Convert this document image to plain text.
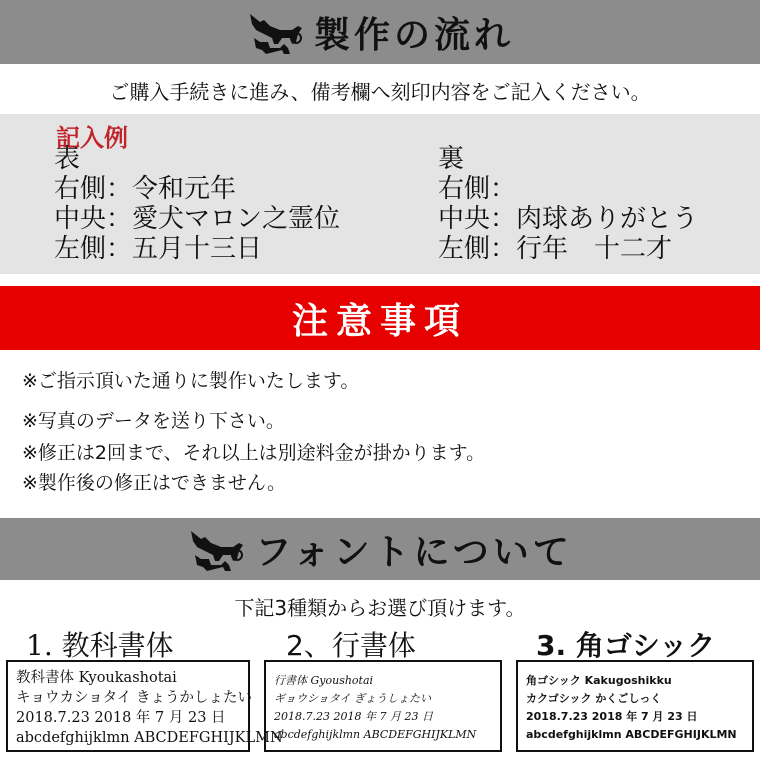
製作の流れ
ご購入手続きに進み、備考欄へ刻印内容をご記入ください。
記入例
表
右側：令和元年
中央：愛犬マロン之霊位
左側：五月十三日
裏
右側：
中央：肉球ありがとう
左側：行年　十二才
注意事項
※ご指示頂いた通りに製作いたします。
※写真のデータを送り下さい。
※修正は2回まで、それ以上は別途料金が掛かります。
※製作後の修正はできません。
フォントについて
下記3種類からお選び頂けます。
1. 教科書体	2、行書体	3. 角ゴシック
教科書体 Kyoukashotai
キョウカショタイ きょうかしょたい
2018.7.23 2018 年 7 月 23 日
abcdefghijklmn ABCDEFGHIJKLMN
行書体 Gyoushotai
ギョウショタイ ぎょうしょたい
2018.7.23 2018 年 7 月 23 日
abcdefghijklmn ABCDEFGHIJKLMN
角ゴシック Kakugoshikku
カクゴシック かくごしっく
2018.7.23 2018 年 7 月 23 日
abcdefghijklmn ABCDEFGHIJKLMN
